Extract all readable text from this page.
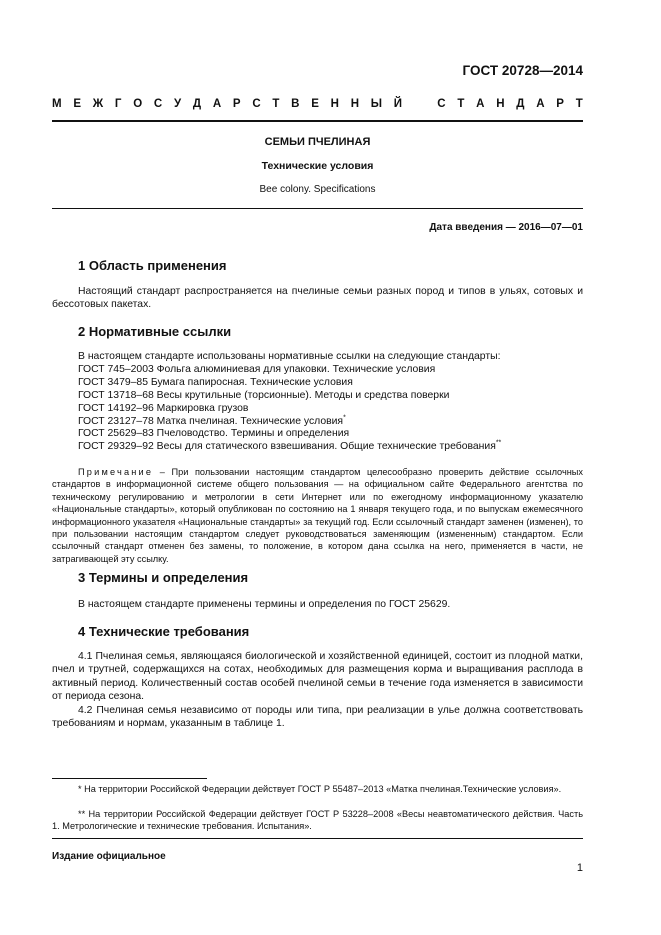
ГОСТ 20728—2014
М Е Ж Г О С У Д А Р С Т В Е Н Н Ы Й	С Т А Н Д А Р Т
СЕМЬИ ПЧЕЛИНАЯ
Технические условия
Bee colony. Specifications
Дата введения — 2016—07—01
1 Область применения
Настоящий стандарт распространяется на пчелиные семьи разных пород и типов в ульях, сотовых и бессотовых пакетах.
2 Нормативные ссылки
В настоящем стандарте использованы нормативные ссылки на следующие стандарты:
ГОСТ 745–2003 Фольга алюминиевая для упаковки. Технические условия
ГОСТ 3479–85 Бумага папиросная. Технические условия
ГОСТ 13718–68 Весы крутильные (торсионные). Методы и средства поверки
ГОСТ 14192–96 Маркировка грузов
ГОСТ 23127–78 Матка пчелиная. Технические условия*
ГОСТ 25629–83 Пчеловодство. Термины и определения
ГОСТ 29329–92 Весы для статического взвешивания. Общие технические требования**
Примечание – При пользовании настоящим стандартом целесообразно проверить действие ссылочных стандартов в информационной системе общего пользования — на официальном сайте Федерального агентства по техническому регулированию и метрологии в сети Интернет или по ежегодному информационному указателю «Национальные стандарты», который опубликован по состоянию на 1 января текущего года, и по выпускам ежемесячного информационного указателя «Национальные стандарты» за текущий год. Если ссылочный стандарт заменен (изменен), то при пользовании настоящим стандартом следует руководствоваться заменяющим (измененным) стандартом. Если ссылочный стандарт отменен без замены, то положение, в котором дана ссылка на него, применяется в части, не затрагивающей эту ссылку.
3 Термины и определения
В настоящем стандарте применены термины и определения по ГОСТ 25629.
4 Технические требования
4.1 Пчелиная семья, являющаяся биологической и хозяйственной единицей, состоит из плодной матки, пчел и трутней, содержащихся на сотах, необходимых для размещения корма и выращивания расплода в активный период. Количественный состав особей пчелиной семьи в течение года изменяется в зависимости от периода сезона.
4.2 Пчелиная семья независимо от породы или типа, при реализации в улье должна соответствовать требованиям и нормам, указанным в таблице 1.
* На территории Российской Федерации действует ГОСТ Р 55487–2013 «Матка пчелиная.Технические условия».
** На территории Российской Федерации действует ГОСТ Р 53228–2008 «Весы неавтоматического действия. Часть 1. Метрологические и технические требования. Испытания».
Издание официальное
1
